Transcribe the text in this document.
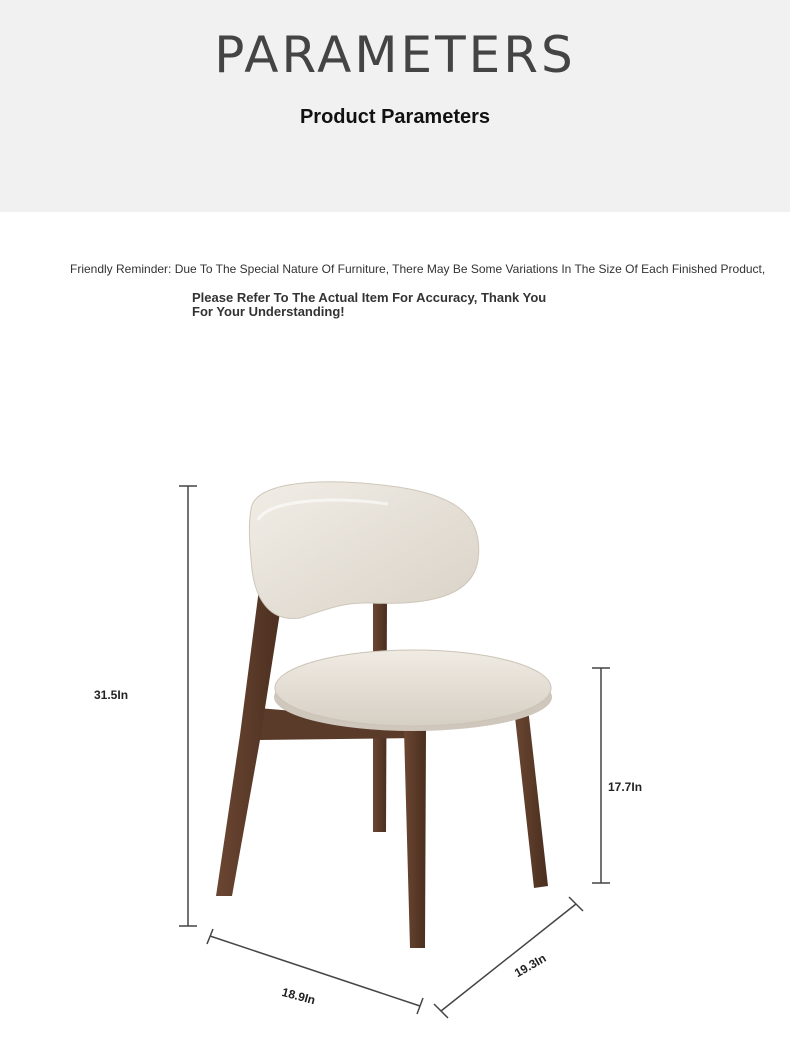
PARAMETERS
Product Parameters
Friendly Reminder: Due To The Special Nature Of Furniture, There May Be Some Variations In The Size Of Each Finished Product,
Please Refer To The Actual Item For Accuracy, Thank You For Your Understanding!
31.5In
17.7In
18.9In
19.3In
